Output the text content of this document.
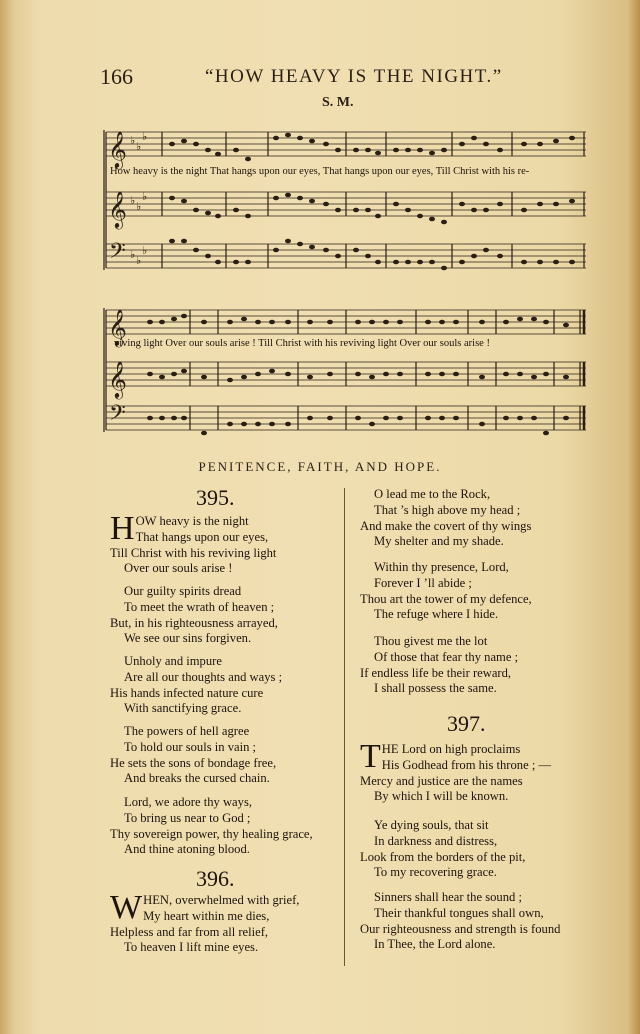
166	“HOW HEAVY IS THE NIGHT.”
S. M.
𝄞
𝄞
𝄢
♭ ♭
♭
♭ ♭
♭
♭ ♭
♭
How heavy is the night That hangs upon our eyes, That hangs upon our eyes, Till Christ with his re-
𝄞
𝄞
𝄢
viving light Over our souls arise ! Till Christ with his reviving light Over our souls arise !
PENITENCE, FAITH, AND HOPE.
395.
H OW heavy is the night
That hangs upon our eyes,
Till Christ with his reviving light
Over our souls arise !
Our guilty spirits dread
To meet the wrath of heaven ;
But, in his righteousness arrayed,
We see our sins forgiven.
Unholy and impure
Are all our thoughts and ways ;
His hands infected nature cure
With sanctifying grace.
The powers of hell agree
To hold our souls in vain ;
He sets the sons of bondage free,
And breaks the cursed chain.
Lord, we adore thy ways,
To bring us near to God ;
Thy sovereign power, thy healing grace,
And thine atoning blood.
396.
W HEN, overwhelmed with grief,
My heart within me dies,
Helpless and far from all relief,
To heaven I lift mine eyes.
O lead me to the Rock,
That ’s high above my head ;
And make the covert of thy wings
My shelter and my shade.
Within thy presence, Lord,
Forever I ’ll abide ;
Thou art the tower of my defence,
The refuge where I hide.
Thou givest me the lot
Of those that fear thy name ;
If endless life be their reward,
I shall possess the same.
397.
T HE Lord on high proclaims
His Godhead from his throne ; —
Mercy and justice are the names
By which I will be known.
Ye dying souls, that sit
In darkness and distress,
Look from the borders of the pit,
To my recovering grace.
Sinners shall hear the sound ;
Their thankful tongues shall own,
Our righteousness and strength is found
In Thee, the Lord alone.
